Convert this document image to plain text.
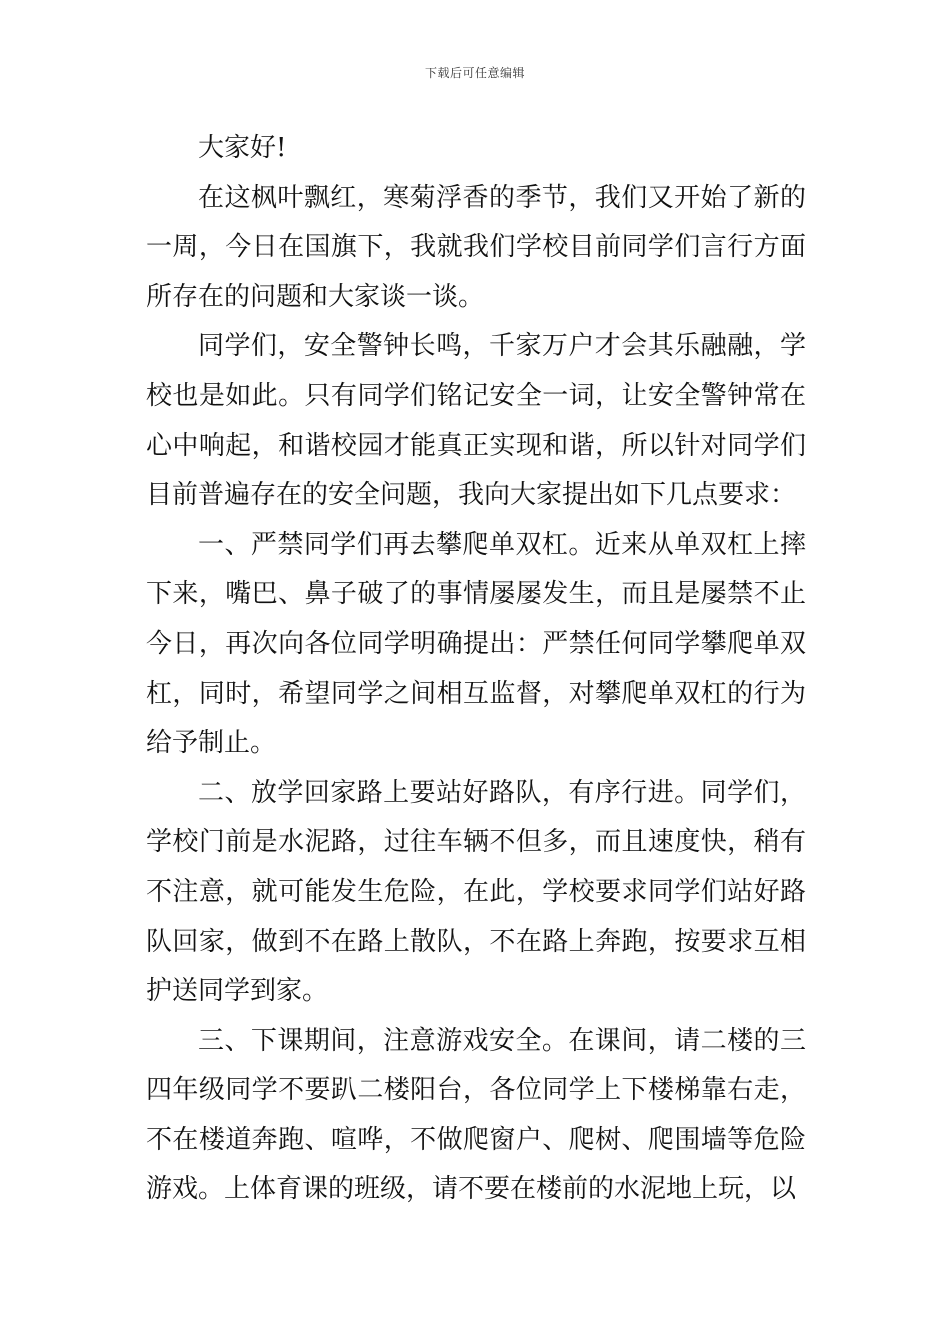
下载后可任意编辑

大家好!

在这枫叶飘红，寒菊浮香的季节，我们又开始了新的一周，今日在国旗下，我就我们学校目前同学们言行方面所存在的问题和大家谈一谈。

同学们，安全警钟长鸣，千家万户才会其乐融融，学校也是如此。只有同学们铭记安全一词，让安全警钟常在心中响起，和谐校园才能真正实现和谐，所以针对同学们目前普遍存在的安全问题，我向大家提出如下几点要求：

一、严禁同学们再去攀爬单双杠。近来从单双杠上摔下来，嘴巴、鼻子破了的事情屡屡发生，而且是屡禁不止今日，再次向各位同学明确提出：严禁任何同学攀爬单双杠，同时，希望同学之间相互监督，对攀爬单双杠的行为给予制止。

二、放学回家路上要站好路队，有序行进。同学们，学校门前是水泥路，过往车辆不但多，而且速度快，稍有不注意，就可能发生危险，在此，学校要求同学们站好路队回家，做到不在路上散队，不在路上奔跑，按要求互相护送同学到家。

三、下课期间，注意游戏安全。在课间，请二楼的三四年级同学不要趴二楼阳台，各位同学上下楼梯靠右走，不在楼道奔跑、喧哗，不做爬窗户、爬树、爬围墙等危险游戏。上体育课的班级，请不要在楼前的水泥地上玩，以
